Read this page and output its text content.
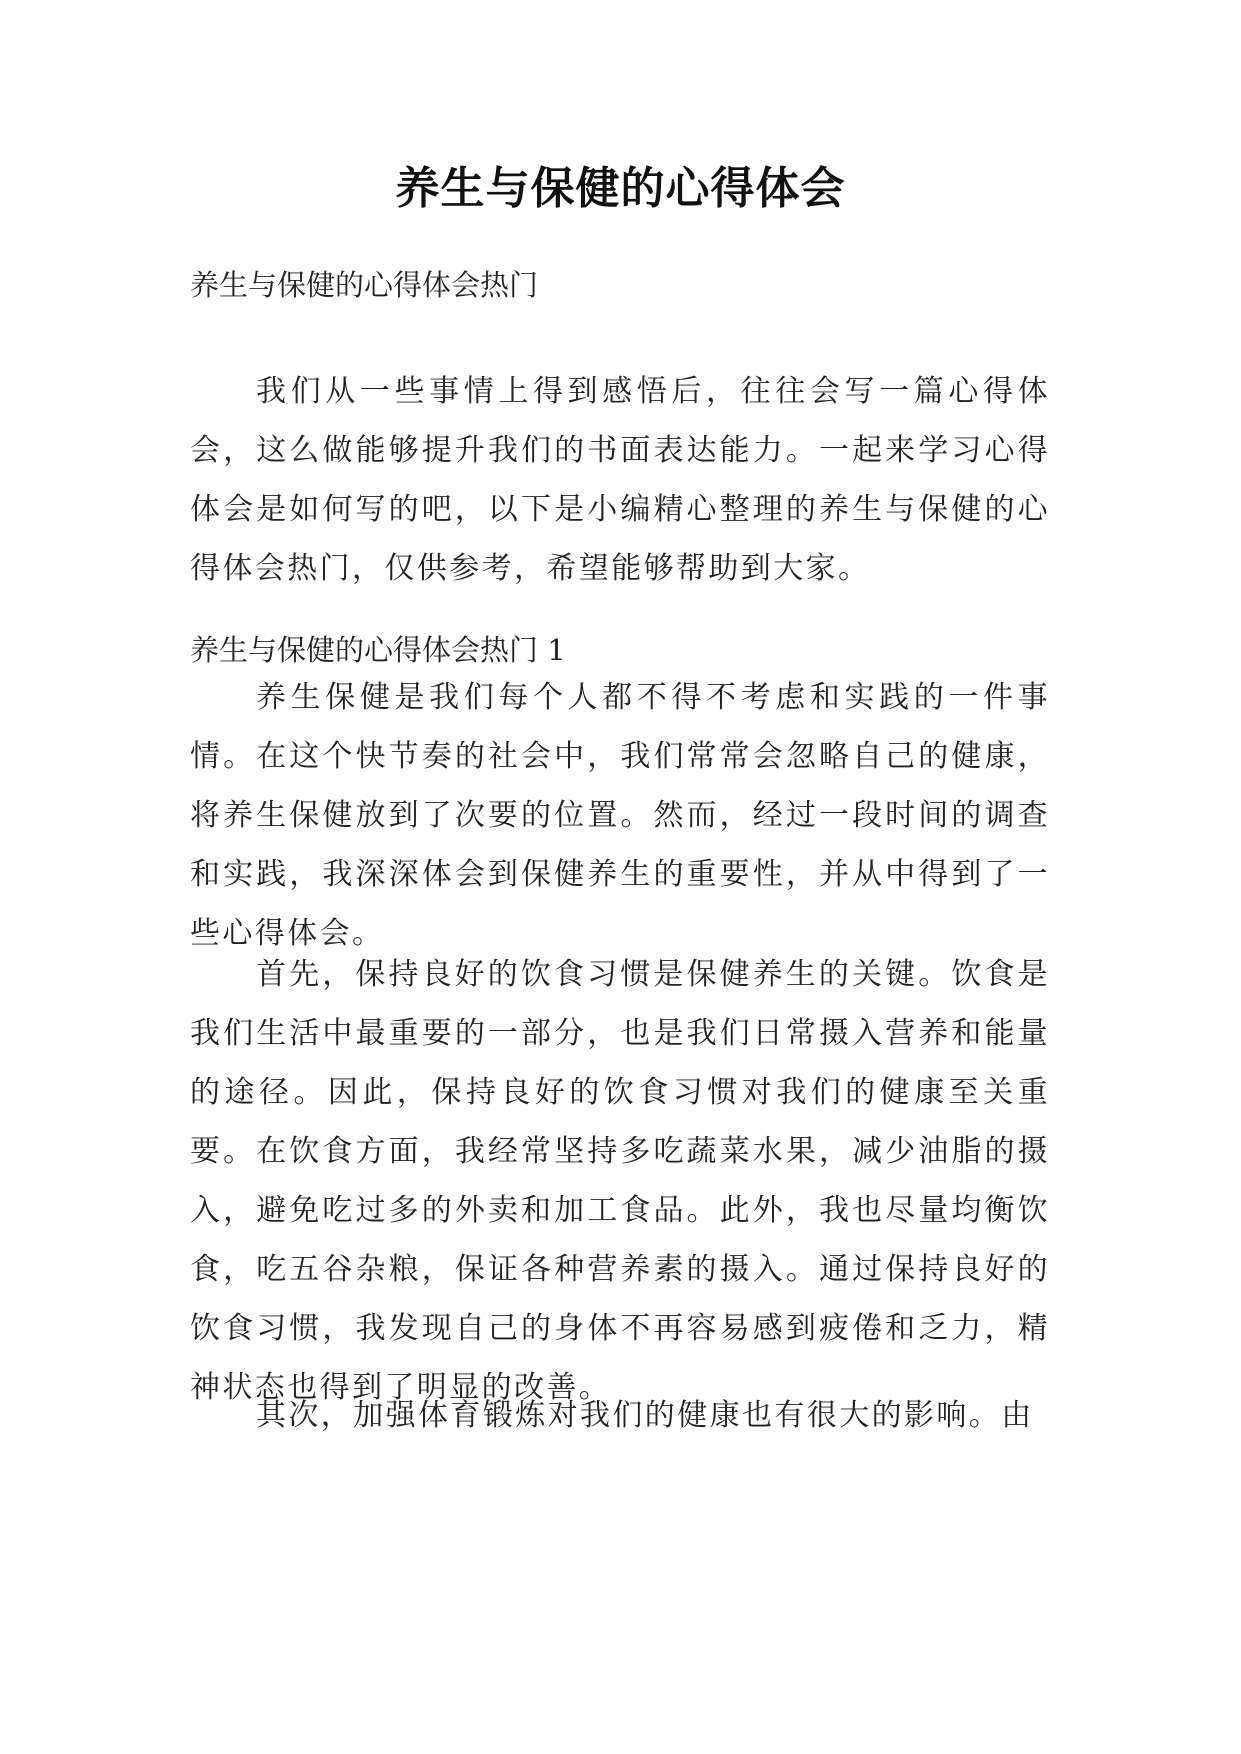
养生与保健的心得体会

养生与保健的心得体会热门

我们从一些事情上得到感悟后，往往会写一篇心得体会，这么做能够提升我们的书面表达能力。一起来学习心得体会是如何写的吧，以下是小编精心整理的养生与保健的心得体会热门，仅供参考，希望能够帮助到大家。

养生与保健的心得体会热门 1

养生保健是我们每个人都不得不考虑和实践的一件事情。在这个快节奏的社会中，我们常常会忽略自己的健康，将养生保健放到了次要的位置。然而，经过一段时间的调查和实践，我深深体会到保健养生的重要性，并从中得到了一些心得体会。

首先，保持良好的饮食习惯是保健养生的关键。饮食是我们生活中最重要的一部分，也是我们日常摄入营养和能量的途径。因此，保持良好的饮食习惯对我们的健康至关重要。在饮食方面，我经常坚持多吃蔬菜水果，减少油脂的摄入，避免吃过多的外卖和加工食品。此外，我也尽量均衡饮食，吃五谷杂粮，保证各种营养素的摄入。通过保持良好的饮食习惯，我发现自己的身体不再容易感到疲倦和乏力，精神状态也得到了明显的改善。

其次，加强体育锻炼对我们的健康也有很大的影响。由
